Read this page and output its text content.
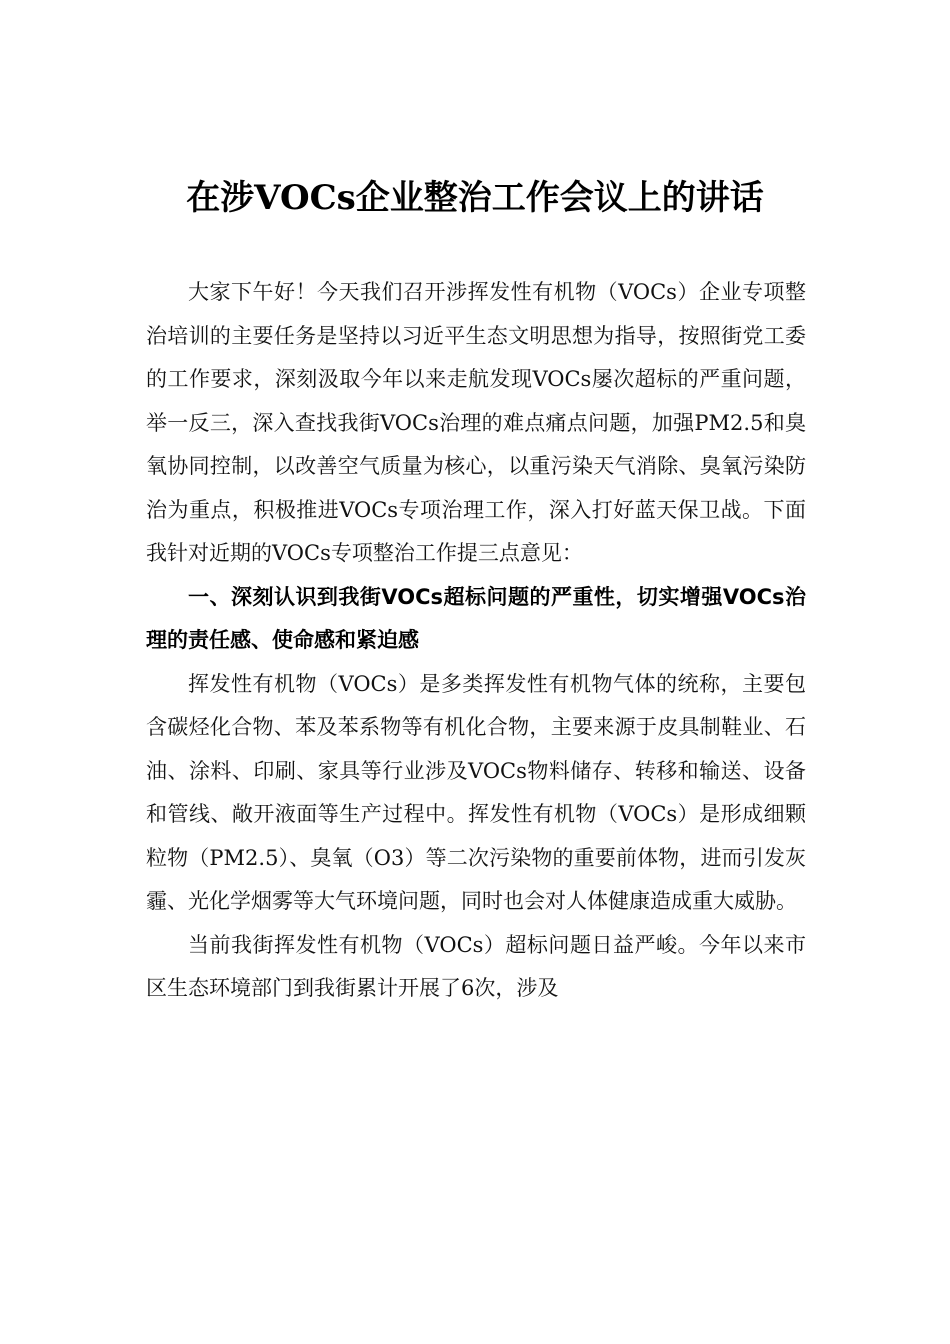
在涉VOCs企业整治工作会议上的讲话

大家下午好！今天我们召开涉挥发性有机物（VOCs）企业专项整治培训的主要任务是坚持以习近平生态文明思想为指导，按照街党工委的工作要求，深刻汲取今年以来走航发现VOCs屡次超标的严重问题，举一反三，深入查找我街VOCs治理的难点痛点问题，加强PM2.5和臭氧协同控制，以改善空气质量为核心，以重污染天气消除、臭氧污染防治为重点，积极推进VOCs专项治理工作，深入打好蓝天保卫战。下面我针对近期的VOCs专项整治工作提三点意见：

一、深刻认识到我街VOCs超标问题的严重性，切实增强VOCs治理的责任感、使命感和紧迫感

挥发性有机物（VOCs）是多类挥发性有机物气体的统称，主要包含碳烃化合物、苯及苯系物等有机化合物，主要来源于皮具制鞋业、石油、涂料、印刷、家具等行业涉及VOCs物料储存、转移和输送、设备和管线、敞开液面等生产过程中。挥发性有机物（VOCs）是形成细颗粒物（PM2.5）、臭氧（O3）等二次污染物的重要前体物，进而引发灰霾、光化学烟雾等大气环境问题，同时也会对人体健康造成重大威胁。

当前我街挥发性有机物（VOCs）超标问题日益严峻。今年以来市区生态环境部门到我街累计开展了6次，涉及
